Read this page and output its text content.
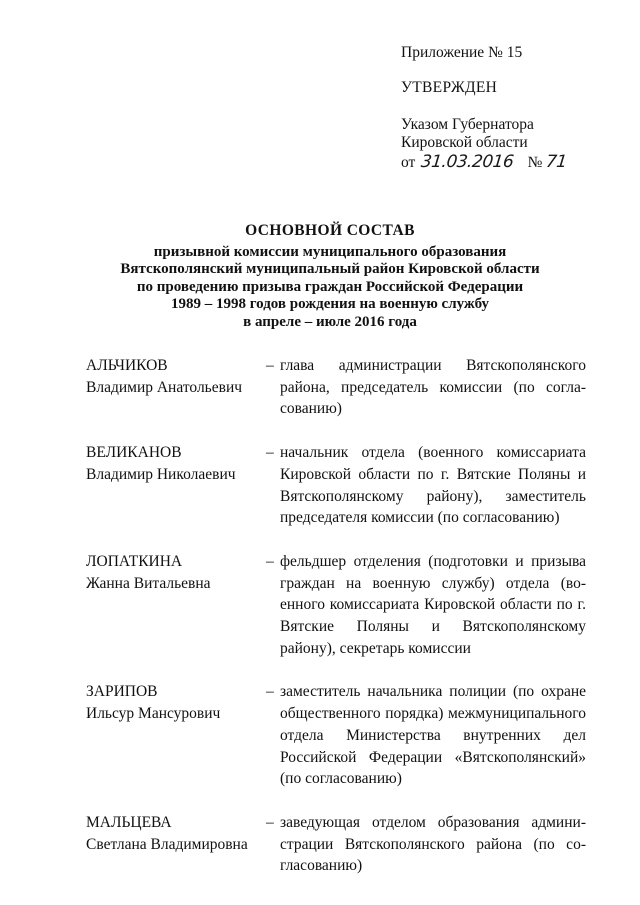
Приложение № 15

УТВЕРЖДЕН

Указом Губернатора

Кировской области

от 31.03.2016 № 71
ОСНОВНОЙ СОСТАВ
призывной комиссии муниципального образования
Вятскополянский муниципальный район Кировской области
по проведению призыва граждан Российской Федерации
1989 – 1998 годов рождения на военную службу
в апреле – июле 2016 года
АЛЬЧИКОВ
Владимир Анатольевич
– глава администрации Вятскополянского района, председатель комиссии (по согласованию)
ВЕЛИКАНОВ
Владимир Николаевич
– начальник отдела (военного комиссариата Кировской области по г. Вятские Поляны и Вятскополянскому району), заместитель председателя комиссии (по согласованию)
ЛОПАТКИНА
Жанна Витальевна
– фельдшер отделения (подготовки и призыва граждан на военную службу) отдела (военного комиссариата Кировской области по г. Вятские Поляны и Вятскополянскому району), секретарь комиссии
ЗАРИПОВ
Ильсур Мансурович
– заместитель начальника полиции (по охране общественного порядка) межмуниципального отдела Министерства внутренних дел Российской Федерации «Вятскополянский» (по согласованию)
МАЛЬЦЕВА
Светлана Владимировна
– заведующая отделом образования администрации Вятскополянского района (по согласованию)
